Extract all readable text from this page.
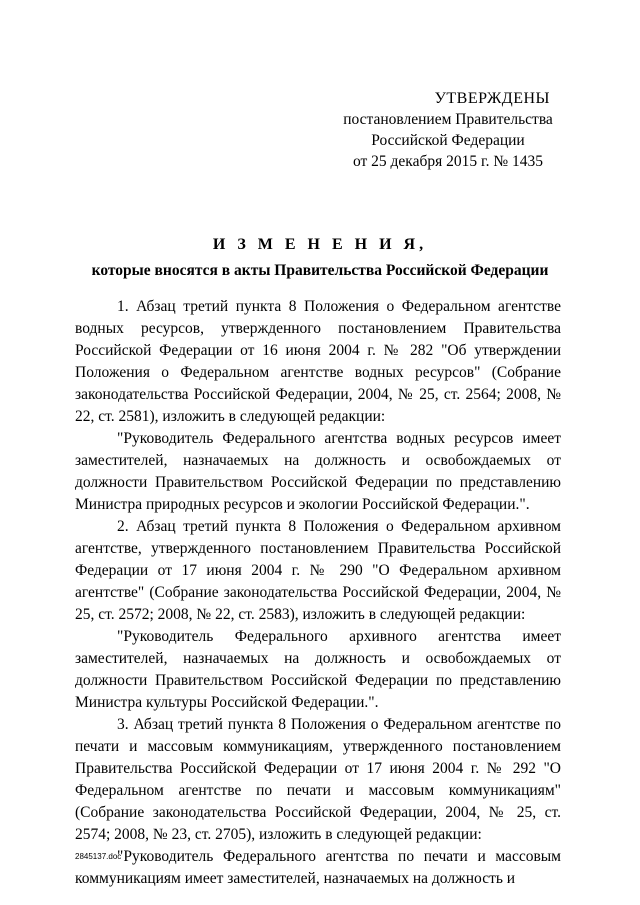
УТВЕРЖДЕНЫ
постановлением Правительства
Российской Федерации
от 25 декабря 2015 г. № 1435
И З М Е Н Е Н И Я,
которые вносятся в акты Правительства Российской Федерации

1. Абзац третий пункта 8 Положения о Федеральном агентстве водных ресурсов, утвержденного постановлением Правительства Российской Федерации от 16 июня 2004 г. № 282 "Об утверждении Положения о Федеральном агентстве водных ресурсов" (Собрание законодательства Российской Федерации, 2004, № 25, ст. 2564; 2008, № 22, ст. 2581), изложить в следующей редакции:

"Руководитель Федерального агентства водных ресурсов имеет заместителей, назначаемых на должность и освобождаемых от должности Правительством Российской Федерации по представлению Министра природных ресурсов и экологии Российской Федерации.".

2. Абзац третий пункта 8 Положения о Федеральном архивном агентстве, утвержденного постановлением Правительства Российской Федерации от 17 июня 2004 г. № 290 "О Федеральном архивном агентстве" (Собрание законодательства Российской Федерации, 2004, № 25, ст. 2572; 2008, № 22, ст. 2583), изложить в следующей редакции:

"Руководитель Федерального архивного агентства имеет заместителей, назначаемых на должность и освобождаемых от должности Правительством Российской Федерации по представлению Министра культуры Российской Федерации.".

3. Абзац третий пункта 8 Положения о Федеральном агентстве по печати и массовым коммуникациям, утвержденного постановлением Правительства Российской Федерации от 17 июня 2004 г. № 292 "О Федеральном агентстве по печати и массовым коммуникациям" (Собрание законодательства Российской Федерации, 2004, № 25, ст. 2574; 2008, № 23, ст. 2705), изложить в следующей редакции:

"Руководитель Федерального агентства по печати и массовым коммуникациям имеет заместителей, назначаемых на должность и

2845137.doc
